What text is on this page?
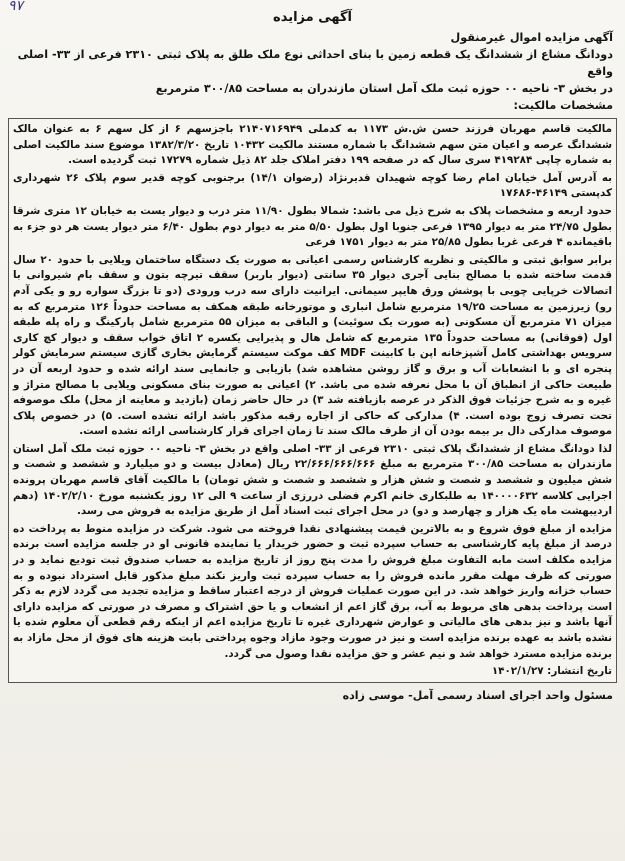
۹۷
آگهی مزایده

آگهی مزایده اموال غیرمنقول

دودانگ مشاع از ششدانگ یک قطعه زمین با بنای احداثی نوع ملک طلق به پلاک ثبتی ۲۳۱۰ فرعی از ۳۳- اصلی واقع

در بخش ۳- ناحیه ۰۰ حوزه ثبت ملک آمل استان مازندران به مساحت ۳۰۰/۸۵ مترمربع

مشخصات مالکیت:

مالکیت قاسم مهربان فرزند حسن ش.ش ۱۱۷۳ به کدملی ۲۱۴۰۷۱۶۹۴۹ باجزسهم ۶ از کل سهم ۶ به عنوان مالک ششدانگ عرصه و اعیان متن سهم ششدانگ با شماره مستند مالکیت ۱۰۴۳۲ تاریخ ۱۳۸۲/۳/۲۰ موضوع سند مالکیت اصلی به شماره چاپی ۴۱۹۲۸۴ سری سال که در صفحه ۱۹۹ دفتر املاک جلد ۸۲ ذیل شماره ۱۷۲۷۹ ثبت گردیده است.

به آدرس آمل خیابان امام رضا کوچه شهیدان قدیرنژاد (رضوان ۱۴/۱) برجنوبی کوچه قدیر سوم پلاک ۲۶ شهرداری کدپستی ۴۶۱۴۹-۱۷۶۸۶

حدود اربعه و مشخصات پلاک به شرح ذیل می باشد: شمالا بطول ۱۱/۹۰ متر درب و دیوار یست به خیابان ۱۲ متری شرقا بطول ۲۴/۷۵ متر به دیوار ۱۳۹۵ فرعی جنوبا اول بطول ۵/۵۰ متر به دیوار دوم بطول ۶/۴۰ متر دیوار یست هر دو جزء به باقیمانده ۴ فرعی غربا بطول ۲۵/۸۵ متر به دیوار ۱۷۵۱ فرعی

برابر سوابق ثبتی و مالکیتی و نظریه کارشناس رسمی اعیانی به صورت یک دستگاه ساختمان ویلایی با حدود ۲۰ سال قدمت ساخته شده با مصالح بنایی آجری دیوار ۳۵ سانتی (دیوار باربر) سقف تیرچه بتون و سقف بام شیروانی با اتصالات خرپایی چوبی با پوشش ورق هایپر سیمانی. ایرانیت دارای سه درب ورودی (دو تا بزرگ سواره رو و یکی آدم رو) زیرزمین به مساحت ۱۹/۲۵ مترمربع شامل انباری و موتورخانه طبقه همکف به مساحت حدوداً ۱۲۶ مترمربع که به میزان ۷۱ مترمربع آن مسکونی (به صورت یک سوئیت) و الباقی به میزان ۵۵ مترمربع شامل پارکینگ و راه پله طبقه اول (فوقانی) به مساحت حدوداً ۱۳۵ مترمربع که شامل هال و پذیرایی یکسره ۲ اتاق خواب سقف و دیوار کچ کاری سرویس بهداشتی کامل آشپزخانه اپن با کابینت MDF کف موکت سیستم گرمایش بخاری گازی سیستم سرمایش کولر پنجره ای و با انشعابات آب و برق و گاز روشن مشاهده شد) بازیابی و جانمایی سند ارائه شده و حدود اربعه آن در طبیعت حاکی از انطباق آن با محل نعرفه شده می باشد. ۲) اعیانی به صورت بنای مسکونی ویلایی با مصالح متراژ و غیره و به شرح جزئیات فوق الذکر در عرصه بازیافته شد ۳) در حال حاضر زمان (بازدید و معاینه از محل) ملک موصوفه تحت تصرف زوج بوده است. ۴) مدارکی که حاکی از اجاره رقبه مذکور باشد ارائه نشده است. ۵) در خصوص پلاک موصوف مدارکی دال بر بیمه بودن آن از طرف مالک سند تا زمان اجرای قرار کارشناسی ارائه نشده است.

لذا دودانگ مشاع از ششدانگ پلاک ثبتی ۲۳۱۰ فرعی از ۳۳- اصلی واقع در بخش ۳- ناحیه ۰۰ حوزه ثبت ملک آمل استان مازندران به مساحت ۳۰۰/۸۵ مترمربع به مبلغ ۲۲/۶۶۶/۶۶۶/۶۶۶ ریال (معادل بیست و دو میلیارد و ششصد و شصت و شش میلیون و ششصد و شصت و شش هزار و ششصد و شصت و شش تومان) با مالکیت آقای قاسم مهربان پرونده اجرایی کلاسه ۱۴۰۰۰۰۶۳۲ به طلبکاری خانم اکرم فضلی دررزی از ساعت ۹ الی ۱۲ روز یکشنبه مورخ ۱۴۰۲/۲/۱۰ (دهم اردیبهشت ماه یک هزار و چهارصد و دو) در محل اجرای ثبت اسناد آمل از طریق مزایده به فروش می رسد.

مزایده از مبلغ فوق شروع و به بالاترین قیمت پیشنهادی نقدا فروخته می شود. شرکت در مزایده منوط به پرداخت ده درصد از مبلغ پایه کارشناسی به حساب سپرده ثبت و حضور خریدار یا نماینده قانونی او در جلسه مزایده است برنده مزایده مکلف است مابه التفاوت مبلغ فروش را مدت پنج روز از تاریخ مزایده به حساب صندوق ثبت تودیع نماید و در صورتی که ظرف مهلت مقرر مانده فروش را به حساب سپرده ثبت واریز نکند مبلغ مذکور قابل استرداد نبوده و به حساب خزانه واریز خواهد شد. در این صورت عملیات فروش از درجه اعتبار ساقط و مزایده تجدید می گردد لازم به ذکر است پرداخت بدهی های مربوط به آب، برق گاز اعم از انشعاب و یا حق اشتراک و مصرف در صورتی که مزایده دارای آنها باشد و نیز بدهی های مالیاتی و عوارض شهرداری غیره تا تاریخ مزایده اعم از اینکه رقم قطعی آن معلوم شده یا نشده باشد به عهده برنده مزایده است و نیز در صورت وجود مازاد وجوه پرداختی بابت هزینه های فوق از محل مازاد به برنده مزایده مسترد خواهد شد و نیم عشر و حق مزایده نقدا وصول می گردد.

تاریخ انتشار: ۱۴۰۲/۱/۲۷

مسئول واحد اجرای اسناد رسمی آمل- موسی زاده
